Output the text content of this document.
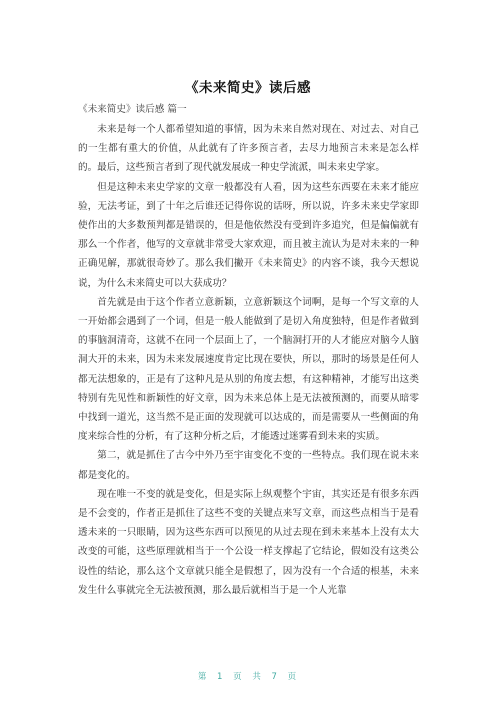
《未来简史》读后感
《未来简史》读后感 篇一

未来是每一个人都希望知道的事情，因为未来自然对现在、对过去、对自己的一生都有重大的价值，从此就有了许多预言者，去尽力地预言未来是怎么样的。最后，这些预言者到了现代就发展成一种史学流派，叫未来史学家。

但是这种未来史学家的文章一般都没有人看，因为这些东西要在未来才能应验，无法考证，到了十年之后谁还记得你说的话呀，所以说，许多未来史学家即使作出的大多数预判都是错误的，但是他依然没有受到许多追究，但是偏偏就有那么一个作者，他写的文章就非常受大家欢迎，而且被主流认为是对未来的一种正确见解，那就很奇妙了。那么我们撇开《未来简史》的内容不谈，我今天想说说，为什么未来简史可以大获成功？

首先就是由于这个作者立意新颖，立意新颖这个词啊，是每一个写文章的人一开始都会遇到了一个词，但是一般人能做到了是切入角度独特，但是作者做到的事脑洞清奇，这就不在同一个层面上了，一个脑洞打开的人才能应对脑今人脑洞大开的未来，因为未来发展速度肯定比现在要快，所以，那时的场景是任何人都无法想象的，正是有了这种凡是从别的角度去想，有这种精神，才能写出这类特别有先见性和新颖性的好文章，因为未来总体上是无法被预测的，而要从暗零中找到一道光，这当然不是正面的发现就可以达成的，而是需要从一些侧面的角度来综合性的分析，有了这种分析之后，才能透过迷雾看到未来的实质。

第二，就是抓住了古今中外乃至宇宙变化不变的一些特点。我们现在说未来都是变化的。

现在唯一不变的就是变化，但是实际上纵观整个宇宙，其实还是有很多东西是不会变的，作者正是抓住了这些不变的关键点来写文章，而这些点相当于是看透未来的一只眼睛，因为这些东西可以预见的从过去现在到未来基本上没有太大改变的可能，这些原理就相当于一个公设一样支撑起了它结论，假如没有这类公设性的结论，那么这个文章就只能全是假想了，因为没有一个合适的根基，未来发生什么事就完全无法被预测，那么最后就相当于是一个人光靠

第 1 页 共 7 页
